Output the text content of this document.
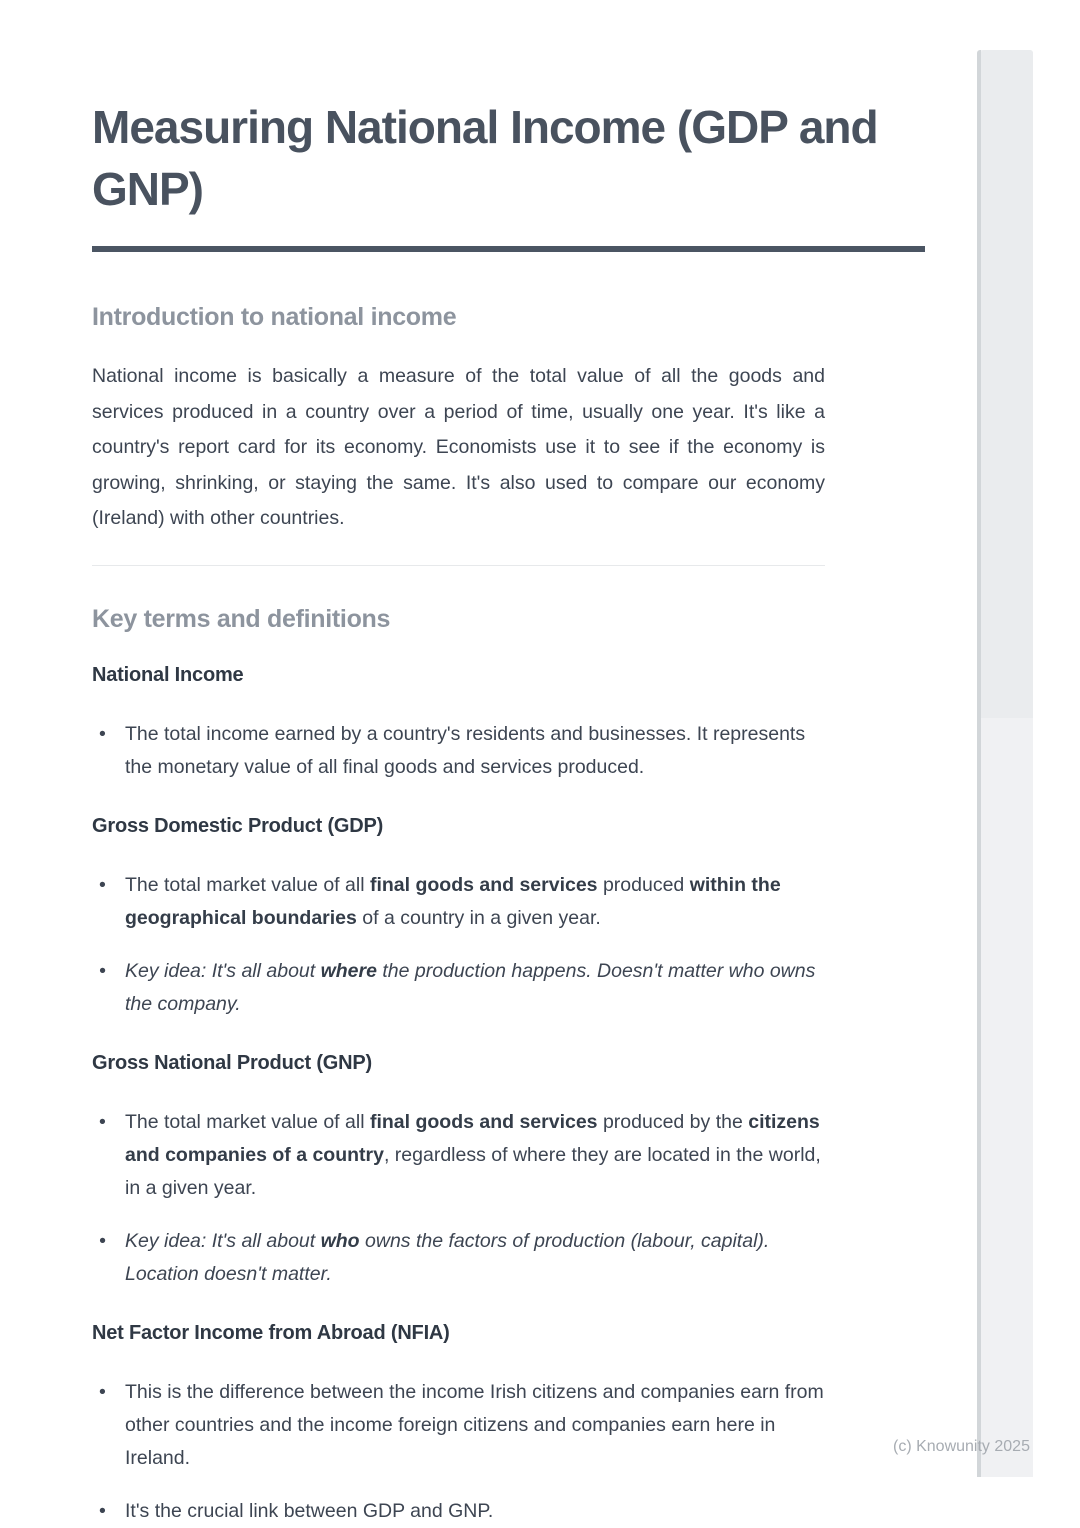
Measuring National Income (GDP and GNP)
Introduction to national income

National income is basically a measure of the total value of all the goods and services produced in a country over a period of time, usually one year. It's like a country's report card for its economy. Economists use it to see if the economy is growing, shrinking, or staying the same. It's also used to compare our economy (Ireland) with other countries.

Key terms and definitions
National Income
• The total income earned by a country's residents and businesses. It represents the monetary value of all final goods and services produced.
Gross Domestic Product (GDP)
• The total market value of all final goods and services produced within the geographical boundaries of a country in a given year.
• Key idea: It's all about where the production happens. Doesn't matter who owns the company.
Gross National Product (GNP)
• The total market value of all final goods and services produced by the citizens and companies of a country, regardless of where they are located in the world, in a given year.
• Key idea: It's all about who owns the factors of production (labour, capital). Location doesn't matter.
Net Factor Income from Abroad (NFIA)
• This is the difference between the income Irish citizens and companies earn from other countries and the income foreign citizens and companies earn here in Ireland.
• It's the crucial link between GDP and GNP.
(c) Knowunity 2025
